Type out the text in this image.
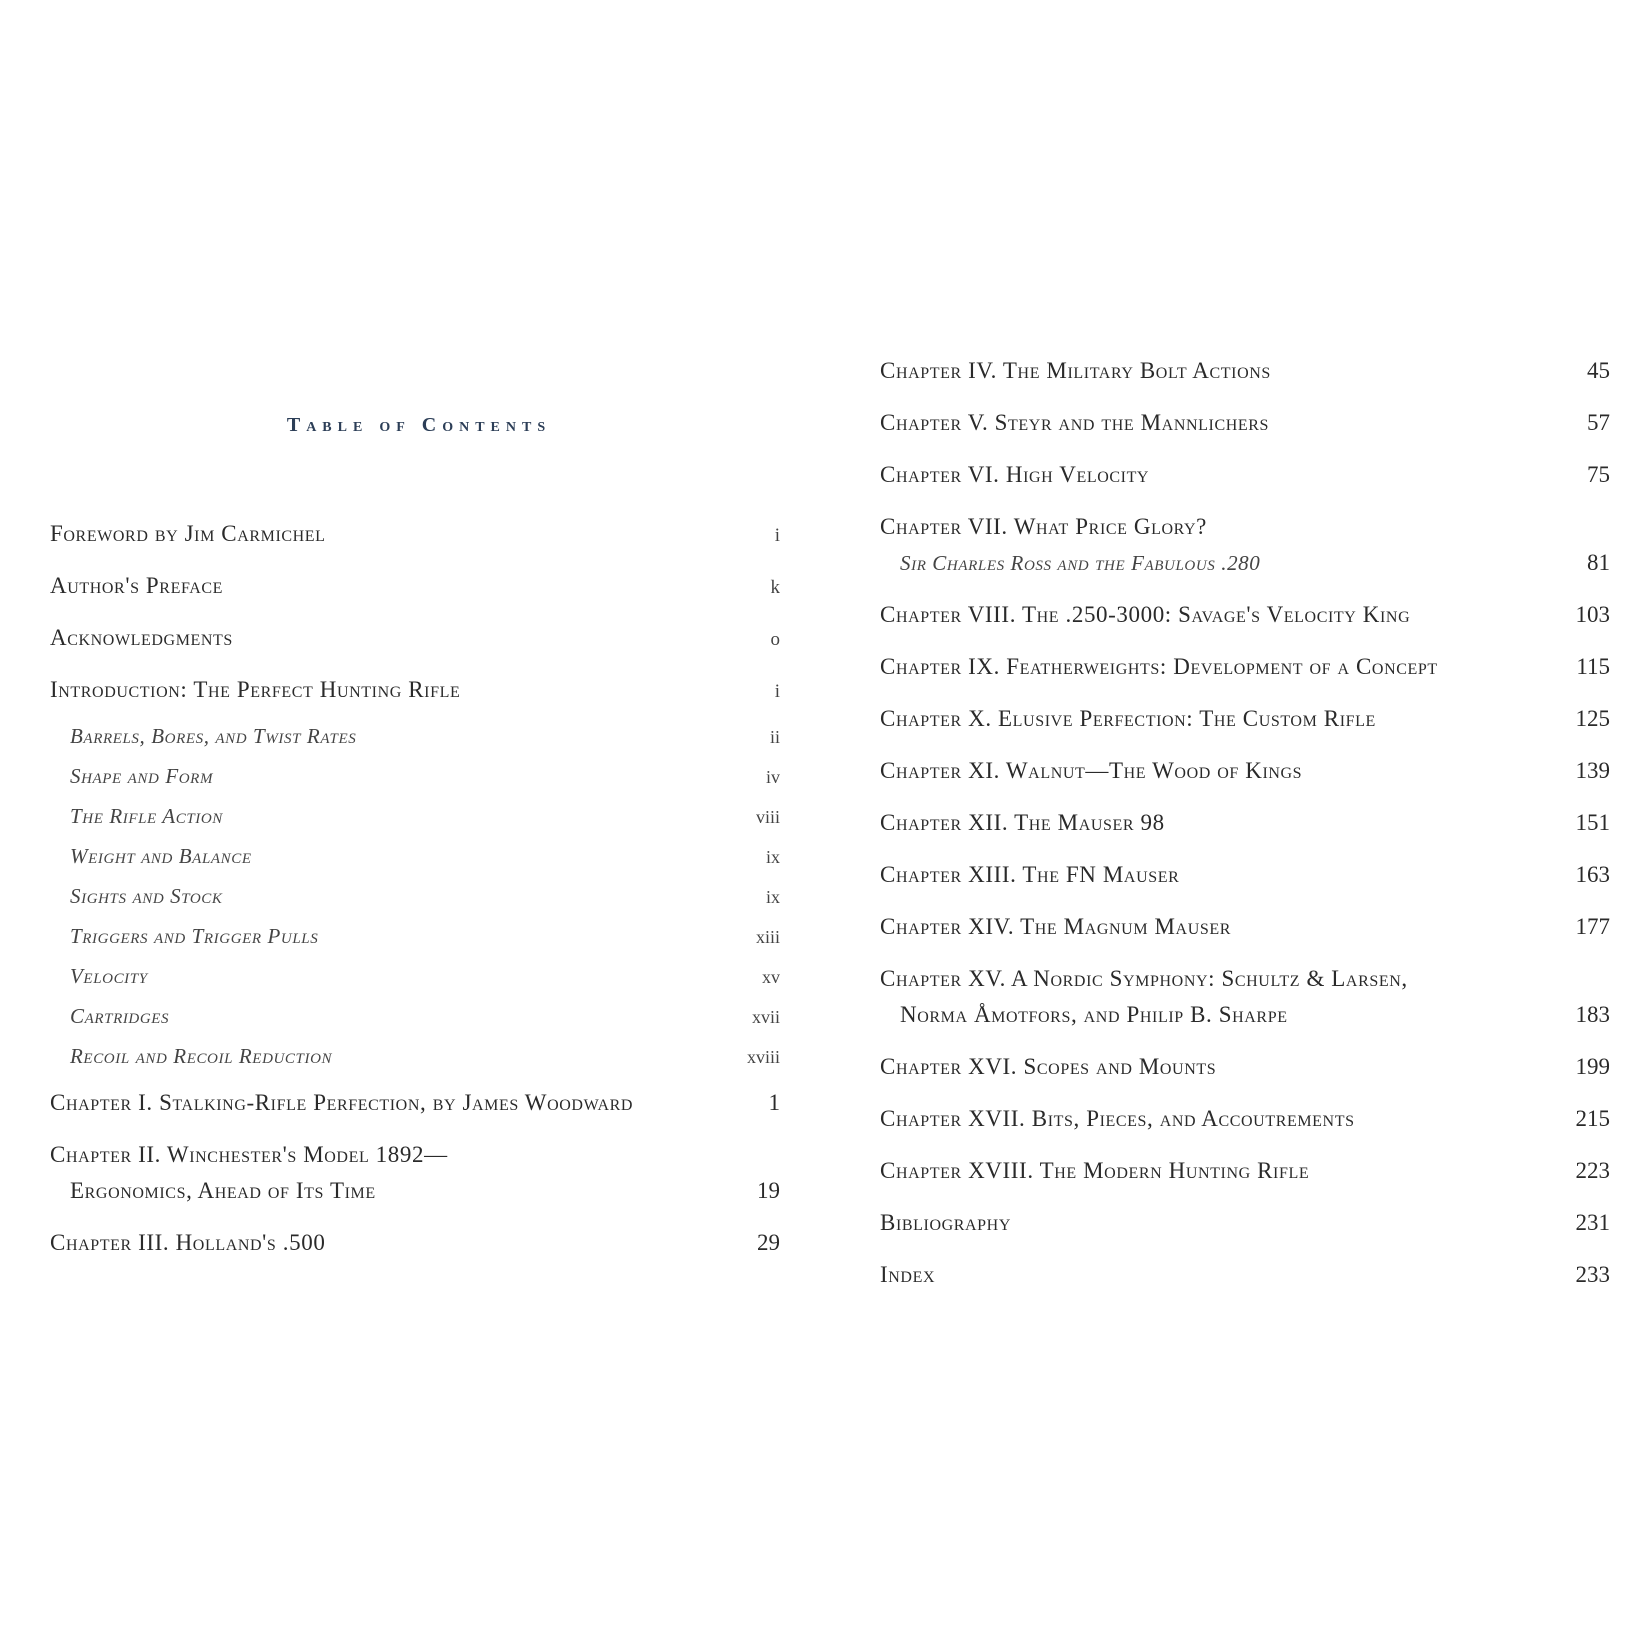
Table of Contents
Foreword by Jim Carmichel	i
Author's Preface	k
Acknowledgments	o
Introduction: The Perfect Hunting Rifle	i
Barrels, Bores, and Twist Rates	ii
Shape and Form	iv
The Rifle Action	viii
Weight and Balance	ix
Sights and Stock	ix
Triggers and Trigger Pulls	xiii
Velocity	xv
Cartridges	xvii
Recoil and Recoil Reduction	xviii
Chapter I. Stalking-Rifle Perfection, by James Woodward	1
Chapter II. Winchester's Model 1892—
Ergonomics, Ahead of Its Time	19
Chapter III. Holland's .500	29
Chapter IV. The Military Bolt Actions	45
Chapter V. Steyr and the Mannlichers	57
Chapter VI. High Velocity	75
Chapter VII. What Price Glory?
Sir Charles Ross and the Fabulous .280	81
Chapter VIII. The .250-3000: Savage's Velocity King	103
Chapter IX. Featherweights: Development of a Concept	115
Chapter X. Elusive Perfection: The Custom Rifle	125
Chapter XI. Walnut—The Wood of Kings	139
Chapter XII. The Mauser 98	151
Chapter XIII. The FN Mauser	163
Chapter XIV. The Magnum Mauser	177
Chapter XV. A Nordic Symphony: Schultz & Larsen,
Norma Åmotfors, and Philip B. Sharpe	183
Chapter XVI. Scopes and Mounts	199
Chapter XVII. Bits, Pieces, and Accoutrements	215
Chapter XVIII. The Modern Hunting Rifle	223
Bibliography	231
Index	233
